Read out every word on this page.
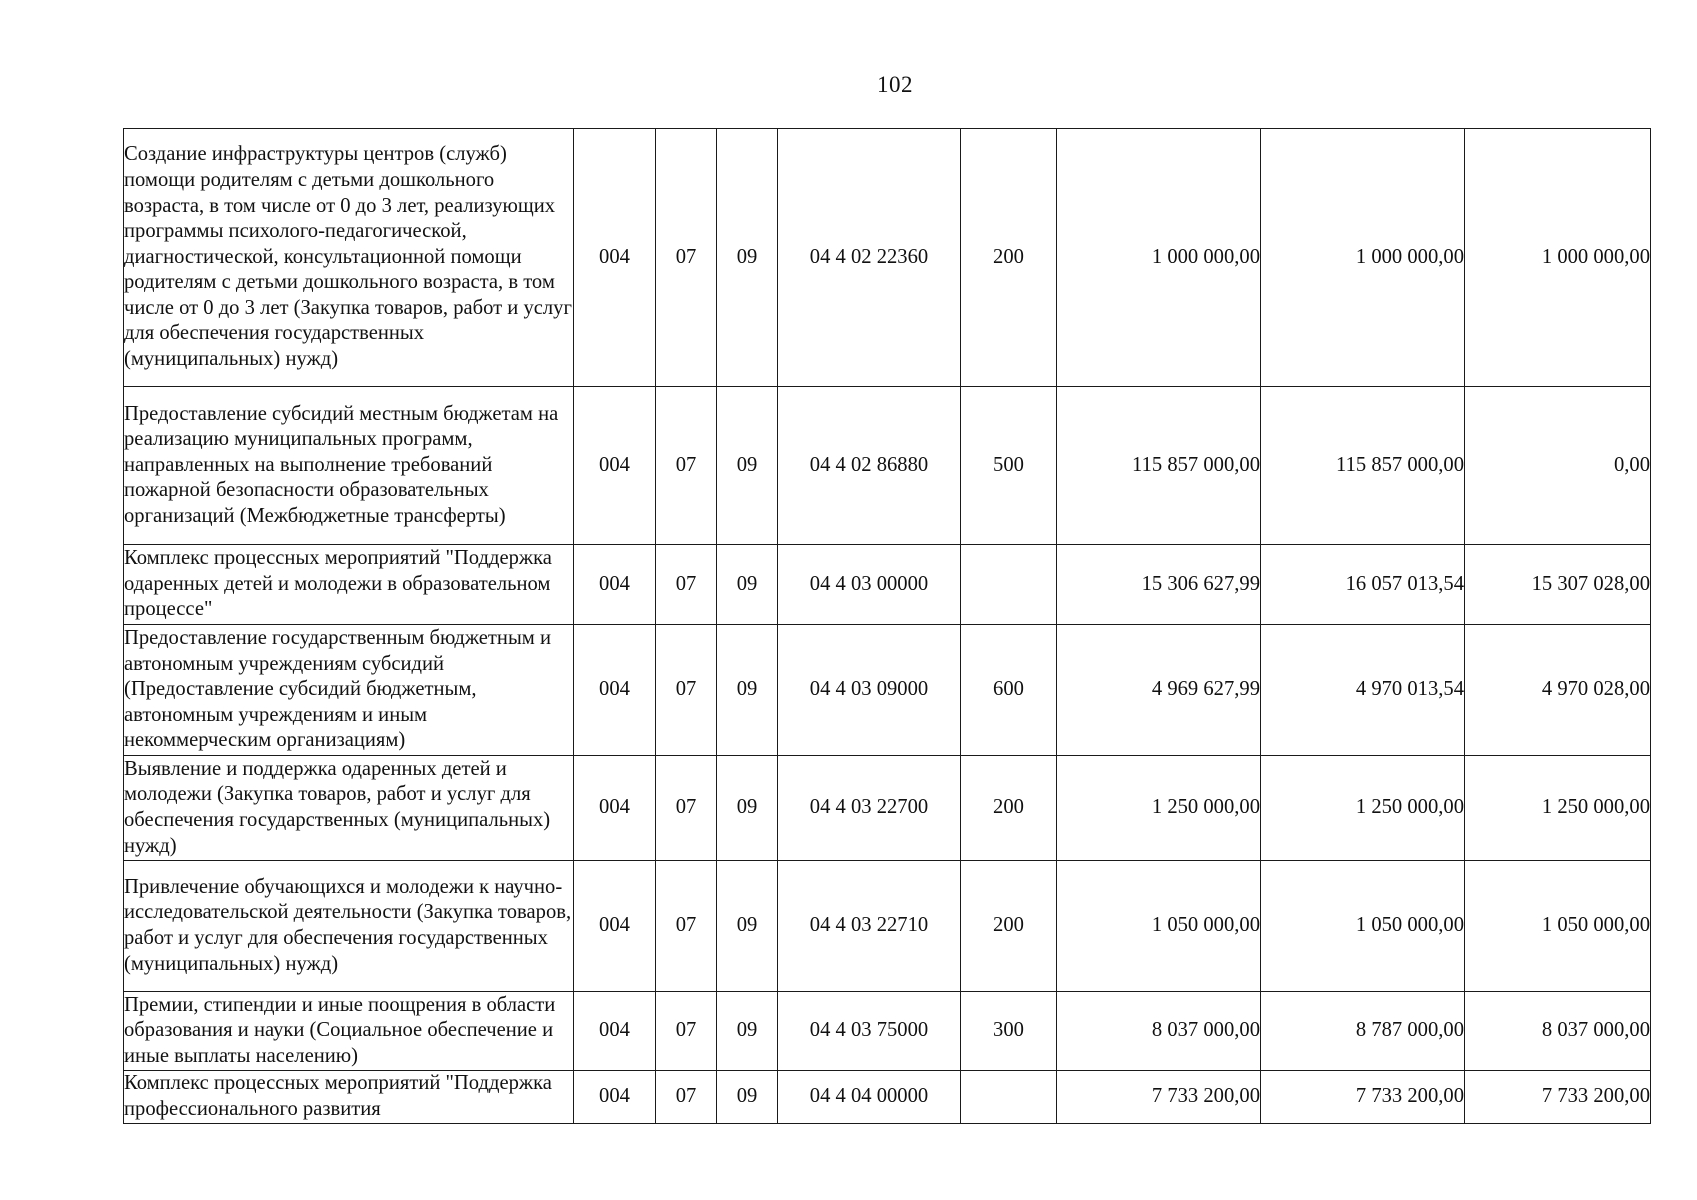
102
Создание инфраструктуры центров (служб) помощи родителям с детьми дошкольного возраста, в том числе от 0 до 3 лет, реализующих программы психолого-педагогической, диагностической, консультационной помощи родителям с детьми дошкольного возраста, в том числе от 0 до 3 лет (Закупка товаров, работ и услуг для обеспечения государственных (муниципальных) нужд)	004	07	09	04 4 02 22360	200	1 000 000,00	1 000 000,00	1 000 000,00
Предоставление субсидий местным бюджетам на реализацию муниципальных программ, направленных на выполнение требований пожарной безопасности образовательных организаций (Межбюджетные трансферты)	004	07	09	04 4 02 86880	500	115 857 000,00	115 857 000,00	0,00
Комплекс процессных мероприятий "Поддержка одаренных детей и молодежи в образовательном процессе"	004	07	09	04 4 03 00000		15 306 627,99	16 057 013,54	15 307 028,00
Предоставление государственным бюджетным и автономным учреждениям субсидий (Предоставление субсидий бюджетным, автономным учреждениям и иным некоммерческим организациям)	004	07	09	04 4 03 09000	600	4 969 627,99	4 970 013,54	4 970 028,00
Выявление и поддержка одаренных детей и молодежи (Закупка товаров, работ и услуг для обеспечения государственных (муниципальных) нужд)	004	07	09	04 4 03 22700	200	1 250 000,00	1 250 000,00	1 250 000,00
Привлечение обучающихся и молодежи к научно-исследовательской деятельности (Закупка товаров, работ и услуг для обеспечения государственных (муниципальных) нужд)	004	07	09	04 4 03 22710	200	1 050 000,00	1 050 000,00	1 050 000,00
Премии, стипендии и иные поощрения в области образования и науки (Социальное обеспечение и иные выплаты населению)	004	07	09	04 4 03 75000	300	8 037 000,00	8 787 000,00	8 037 000,00
Комплекс процессных мероприятий "Поддержка профессионального развития	004	07	09	04 4 04 00000		7 733 200,00	7 733 200,00	7 733 200,00
